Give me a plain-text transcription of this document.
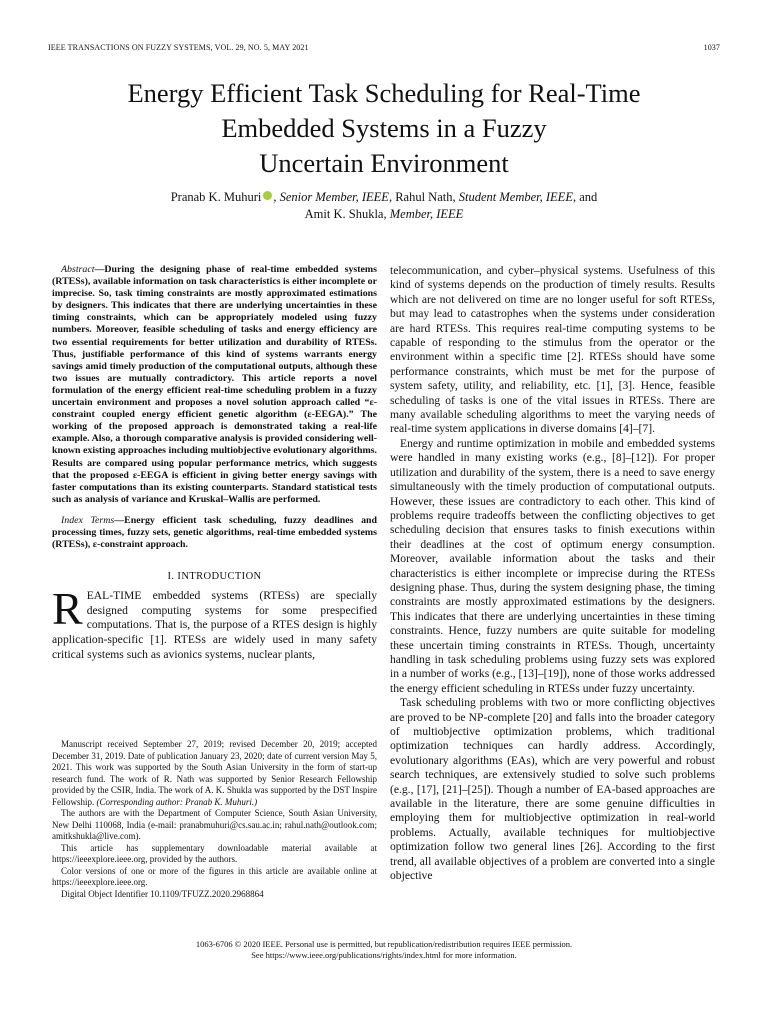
IEEE TRANSACTIONS ON FUZZY SYSTEMS, VOL. 29, NO. 5, MAY 2021	1037
Energy Efficient Task Scheduling for Real-Time
Embedded Systems in a Fuzzy
Uncertain Environment
Pranab K. Muhuri , Senior Member, IEEE, Rahul Nath, Student Member, IEEE, and
Amit K. Shukla, Member, IEEE

Abstract—During the designing phase of real-time embedded systems (RTESs), available information on task characteristics is either incomplete or imprecise. So, task timing constraints are mostly approximated estimations by designers. This indicates that there are underlying uncertainties in these timing constraints, which can be appropriately modeled using fuzzy numbers. Moreover, feasible scheduling of tasks and energy efficiency are two essential requirements for better utilization and durability of RTESs. Thus, justifiable performance of this kind of systems warrants energy savings amid timely production of the computational outputs, although these two issues are mutually contradictory. This article reports a novel formulation of the energy efficient real-time scheduling problem in a fuzzy uncertain environment and proposes a novel solution approach called “ε-constraint coupled energy efficient genetic algorithm (ε-EEGA).” The working of the proposed approach is demonstrated taking a real-life example. Also, a thorough comparative analysis is provided considering well-known existing approaches including multiobjective evolutionary algorithms. Results are compared using popular performance metrics, which suggests that the proposed ε-EEGA is efficient in giving better energy savings with faster computations than its existing counterparts. Standard statistical tests such as analysis of variance and Kruskal–Wallis are performed.

Index Terms—Energy efficient task scheduling, fuzzy deadlines and processing times, fuzzy sets, genetic algorithms, real-time embedded systems (RTESs), ε-constraint approach.

I. INTRODUCTION

REAL-TIME embedded systems (RTESs) are specially designed computing systems for some prespecified computations. That is, the purpose of a RTES design is highly application-specific [1]. RTESs are widely used in many safety critical systems such as avionics systems, nuclear plants,

Manuscript received September 27, 2019; revised December 20, 2019; accepted December 31, 2019. Date of publication January 23, 2020; date of current version May 5, 2021. This work was supported by the South Asian University in the form of start-up research fund. The work of R. Nath was supported by Senior Research Fellowship provided by the CSIR, India. The work of A. K. Shukla was supported by the DST Inspire Fellowship. (Corresponding author: Pranab K. Muhuri.)

The authors are with the Department of Computer Science, South Asian University, New Delhi 110068, India (e-mail: pranabmuhuri@cs.sau.ac.in; rahul.nath@outlook.com; amitkshukla@live.com).

This article has supplementary downloadable material available at https://ieeexplore.ieee.org, provided by the authors.

Color versions of one or more of the figures in this article are available online at https://ieeexplore.ieee.org.

Digital Object Identifier 10.1109/TFUZZ.2020.2968864

telecommunication, and cyber–physical systems. Usefulness of this kind of systems depends on the production of timely results. Results which are not delivered on time are no longer useful for soft RTESs, but may lead to catastrophes when the systems under consideration are hard RTESs. This requires real-time computing systems to be capable of responding to the stimulus from the operator or the environment within a specific time [2]. RTESs should have some performance constraints, which must be met for the purpose of system safety, utility, and reliability, etc. [1], [3]. Hence, feasible scheduling of tasks is one of the vital issues in RTESs. There are many available scheduling algorithms to meet the varying needs of real-time system applications in diverse domains [4]–[7].

Energy and runtime optimization in mobile and embedded systems were handled in many existing works (e.g., [8]–[12]). For proper utilization and durability of the system, there is a need to save energy simultaneously with the timely production of computational outputs. However, these issues are contradictory to each other. This kind of problems require tradeoffs between the conflicting objectives to get scheduling decision that ensures tasks to finish executions within their deadlines at the cost of optimum energy consumption. Moreover, available information about the tasks and their characteristics is either incomplete or imprecise during the RTESs designing phase. Thus, during the system designing phase, the timing constraints are mostly approximated estimations by the designers. This indicates that there are underlying uncertainties in these timing constraints. Hence, fuzzy numbers are quite suitable for modeling these uncertain timing constraints in RTESs. Though, uncertainty handling in task scheduling problems using fuzzy sets was explored in a number of works (e.g., [13]–[19]), none of those works addressed the energy efficient scheduling in RTESs under fuzzy uncertainty.

Task scheduling problems with two or more conflicting objectives are proved to be NP-complete [20] and falls into the broader category of multiobjective optimization problems, which traditional optimization techniques can hardly address. Accordingly, evolutionary algorithms (EAs), which are very powerful and robust search techniques, are extensively studied to solve such problems (e.g., [17], [21]–[25]). Though a number of EA-based approaches are available in the literature, there are some genuine difficulties in employing them for multiobjective optimization in real-world problems. Actually, available techniques for multiobjective optimization follow two general lines [26]. According to the first trend, all available objectives of a problem are converted into a single objective

1063-6706 © 2020 IEEE. Personal use is permitted, but republication/redistribution requires IEEE permission.
See https://www.ieee.org/publications/rights/index.html for more information.
